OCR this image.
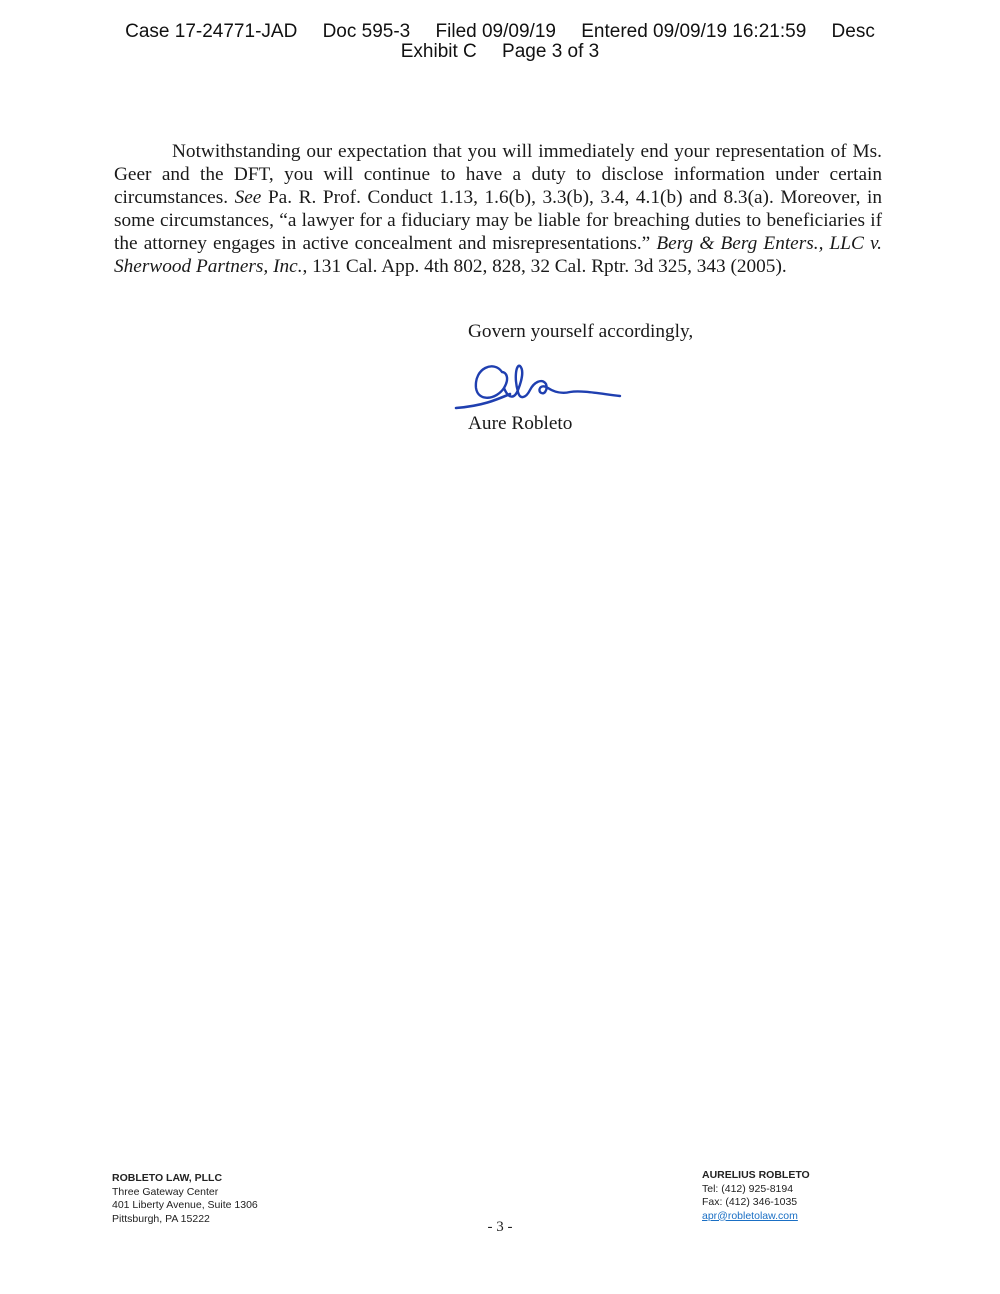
Case 17-24771-JAD Doc 595-3 Filed 09/09/19 Entered 09/09/19 16:21:59 Desc
Exhibit C Page 3 of 3

Notwithstanding our expectation that you will immediately end your representation of Ms. Geer and the DFT, you will continue to have a duty to disclose information under certain circumstances. See Pa. R. Prof. Conduct 1.13, 1.6(b), 3.3(b), 3.4, 4.1(b) and 8.3(a). Moreover, in some circumstances, “a lawyer for a fiduciary may be liable for breaching duties to beneficiaries if the attorney engages in active concealment and misrepresentations.” Berg & Berg Enters., LLC v. Sherwood Partners, Inc., 131 Cal. App. 4th 802, 828, 32 Cal. Rptr. 3d 325, 343 (2005).

Govern yourself accordingly,
Aure Robleto
ROBLETO LAW, PLLC
Three Gateway Center
401 Liberty Avenue, Suite 1306
Pittsburgh, PA 15222
AURELIUS ROBLETO
Tel: (412) 925-8194
Fax: (412) 346-1035
apr@robletolaw.com
- 3 -
